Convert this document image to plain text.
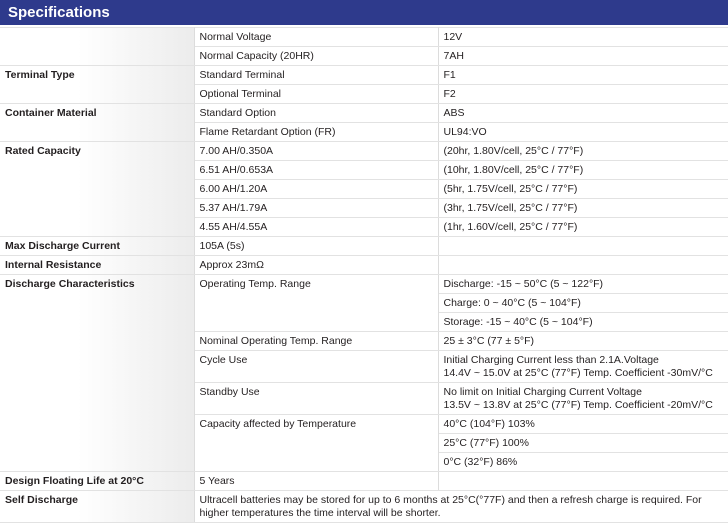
Specifications
	Normal Voltage	12V
	Normal Capacity (20HR)	7AH
Terminal Type	Standard Terminal	F1
	Optional Terminal	F2
Container Material	Standard Option	ABS
	Flame Retardant Option (FR)	UL94:VO
Rated Capacity	7.00 AH/0.350A	(20hr, 1.80V/cell, 25°C / 77°F)
	6.51 AH/0.653A	(10hr, 1.80V/cell, 25°C / 77°F)
	6.00 AH/1.20A	(5hr, 1.75V/cell, 25°C / 77°F)
	5.37 AH/1.79A	(3hr, 1.75V/cell, 25°C / 77°F)
	4.55 AH/4.55A	(1hr, 1.60V/cell, 25°C / 77°F)
Max Discharge Current	105A (5s)	
Internal Resistance	Approx 23mΩ	
Discharge Characteristics	Operating Temp. Range	Discharge: -15 ~ 50°C (5 ~ 122°F)
		Charge: 0 ~ 40°C (5 ~ 104°F)
		Storage: -15 ~ 40°C (5 ~ 104°F)
	Nominal Operating Temp. Range	25 ± 3°C (77 ± 5°F)
	Cycle Use	Initial Charging Current less than 2.1A.Voltage
14.4V ~ 15.0V at 25°C (77°F) Temp. Coefficient -30mV/°C

	Standby Use	No limit on Initial Charging Current Voltage
13.5V ~ 13.8V at 25°C (77°F) Temp. Coefficient -20mV/°C

	Capacity affected by Temperature	40°C (104°F) 103%
		25°C (77°F) 100%
		0°C (32°F) 86%
Design Floating Life at 20°C	5 Years	
Self Discharge	Ultracell batteries may be stored for up to 6 months at 25°C(°77F) and then a refresh charge is required. For
higher temperatures the time interval will be shorter.	
